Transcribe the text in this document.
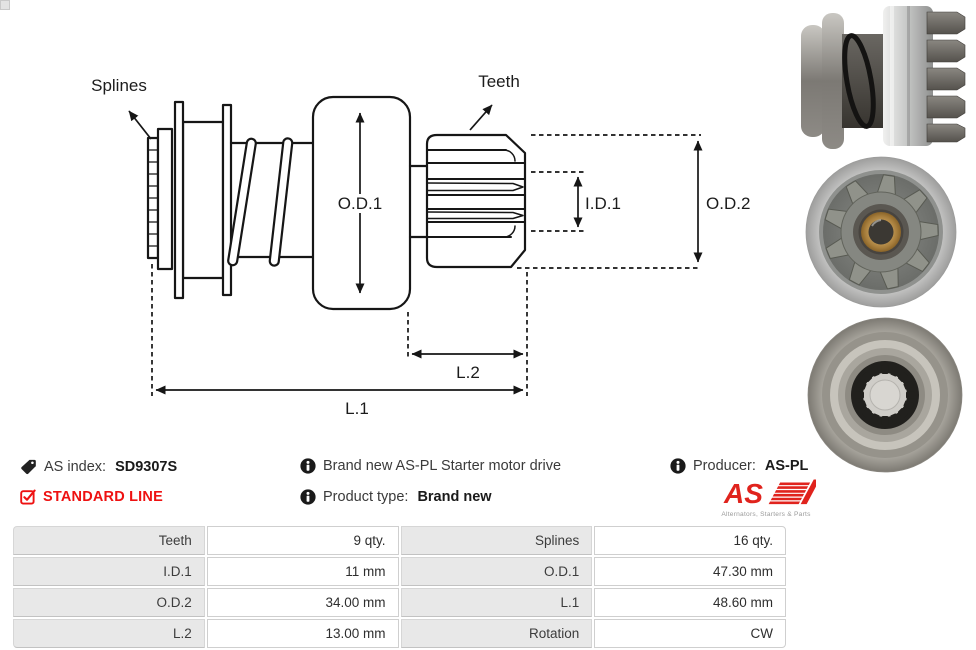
Splines	Teeth
O.D.1	I.D.1	O.D.2
L.2
L.1
AS index: SD9307S
STANDARD LINE
Brand new AS-PL Starter motor drive
Product type: Brand new
Producer: AS-PL
AS
Alternators, Starters & Parts
Teeth	9 qty.	Splines	16 qty.
I.D.1	11 mm	O.D.1	47.30 mm
O.D.2	34.00 mm	L.1	48.60 mm
L.2	13.00 mm	Rotation	CW
